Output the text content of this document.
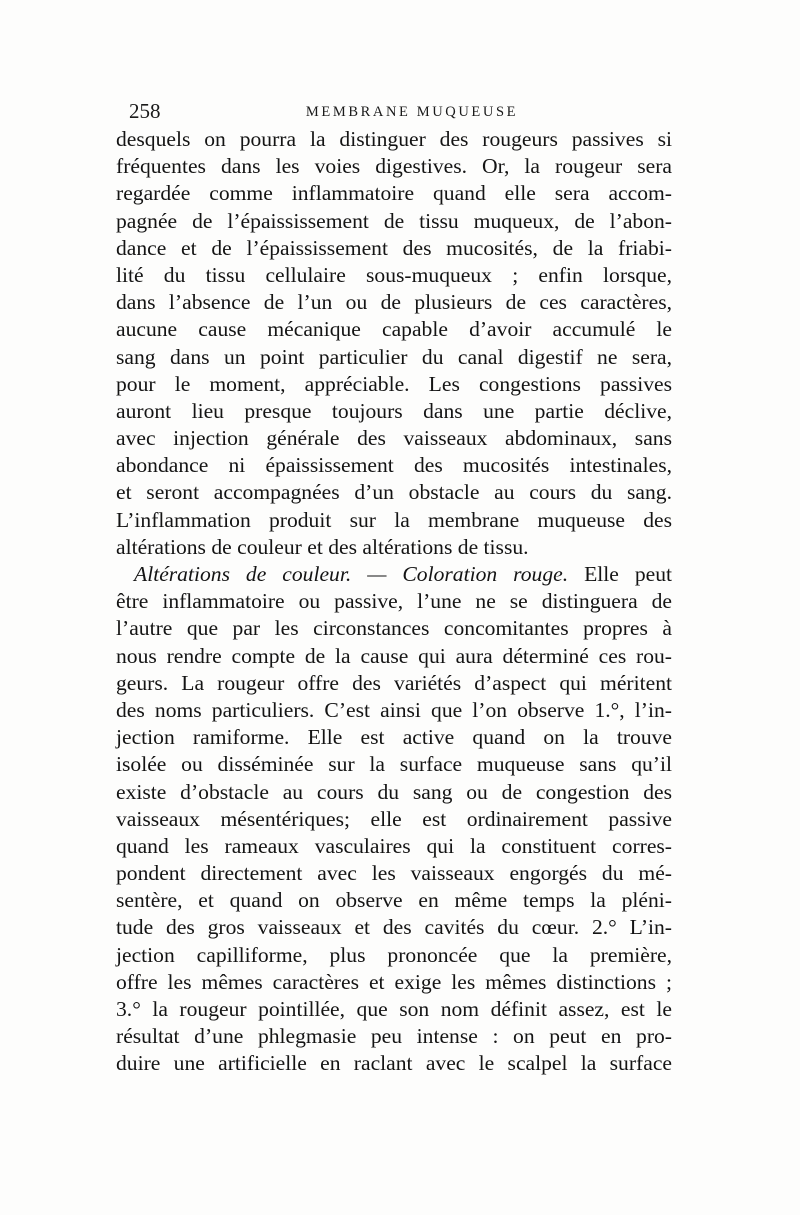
258	MEMBRANE MUQUEUSE
desquels on pourra la distinguer des rougeurs passives si
fréquentes dans les voies digestives. Or, la rougeur sera
regardée comme inflammatoire quand elle sera accom-
pagnée de l’épaississement de tissu muqueux, de l’abon-
dance et de l’épaississement des mucosités, de la friabi-
lité du tissu cellulaire sous-muqueux ; enfin lorsque,
dans l’absence de l’un ou de plusieurs de ces caractères,
aucune cause mécanique capable d’avoir accumulé le
sang dans un point particulier du canal digestif ne sera,
pour le moment, appréciable. Les congestions passives
auront lieu presque toujours dans une partie déclive,
avec injection générale des vaisseaux abdominaux, sans
abondance ni épaississement des mucosités intestinales,
et seront accompagnées d’un obstacle au cours du sang.
L’inflammation produit sur la membrane muqueuse des
altérations de couleur et des altérations de tissu.
Altérations de couleur. — Coloration rouge. Elle peut
être inflammatoire ou passive, l’une ne se distinguera de
l’autre que par les circonstances concomitantes propres à
nous rendre compte de la cause qui aura déterminé ces rou-
geurs. La rougeur offre des variétés d’aspect qui méritent
des noms particuliers. C’est ainsi que l’on observe 1.°, l’in-
jection ramiforme. Elle est active quand on la trouve
isolée ou disséminée sur la surface muqueuse sans qu’il
existe d’obstacle au cours du sang ou de congestion des
vaisseaux mésentériques; elle est ordinairement passive
quand les rameaux vasculaires qui la constituent corres-
pondent directement avec les vaisseaux engorgés du mé-
sentère, et quand on observe en même temps la pléni-
tude des gros vaisseaux et des cavités du cœur. 2.° L’in-
jection capilliforme, plus prononcée que la première,
offre les mêmes caractères et exige les mêmes distinctions ;
3.° la rougeur pointillée, que son nom définit assez, est le
résultat d’une phlegmasie peu intense : on peut en pro-
duire une artificielle en raclant avec le scalpel la surface
